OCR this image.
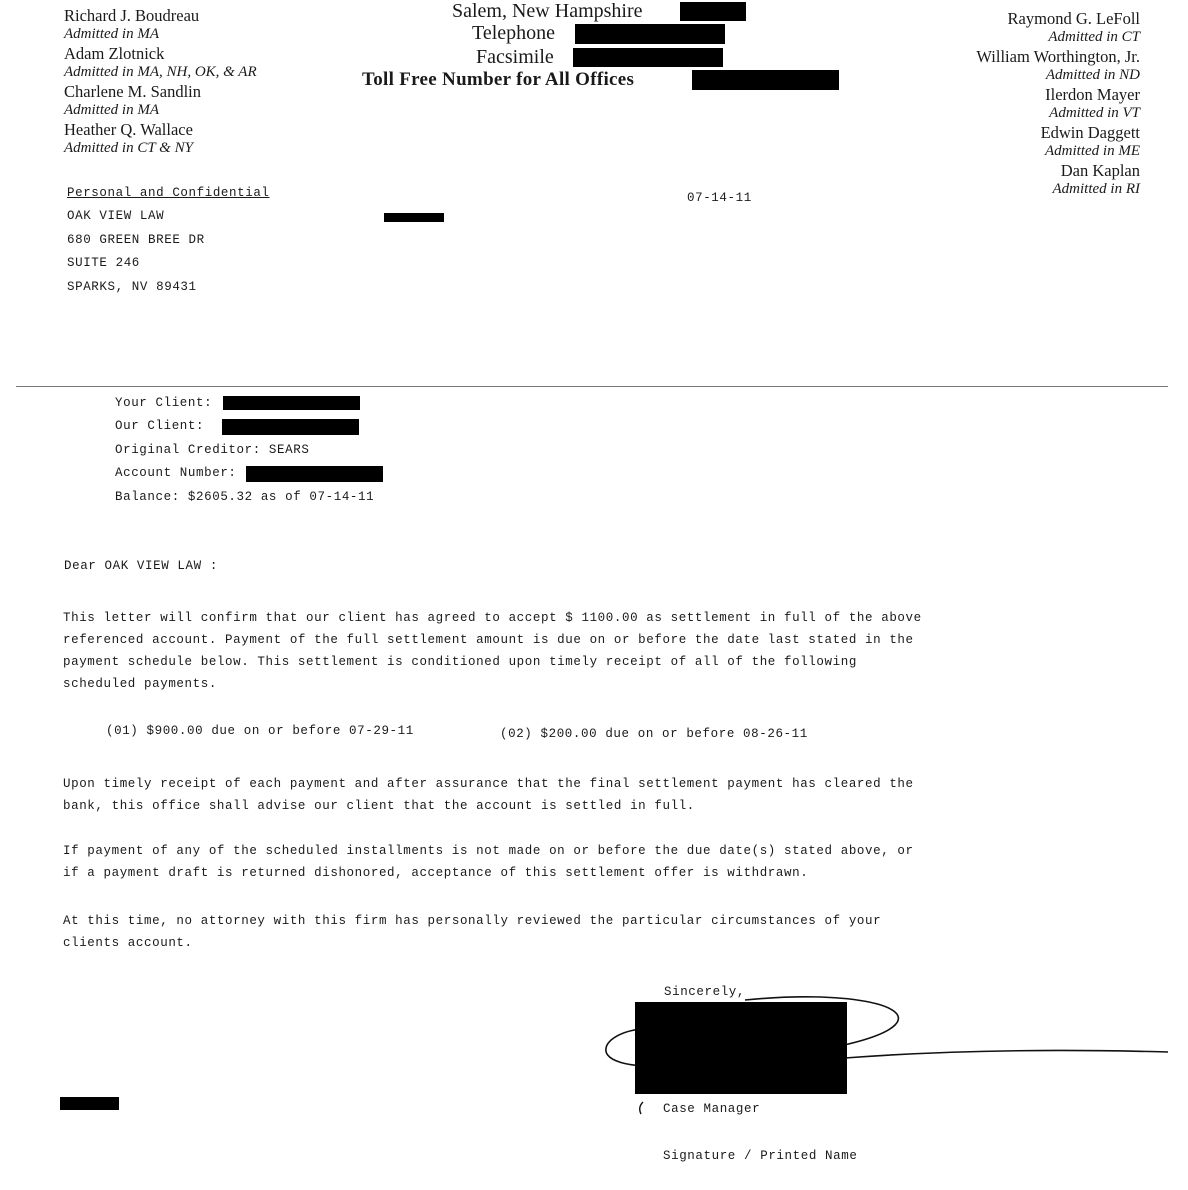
Richard J. Boudreau
Admitted in MA
Adam Zlotnick
Admitted in MA, NH, OK, & AR
Charlene M. Sandlin
Admitted in MA
Heather Q. Wallace
Admitted in CT & NY
Salem, New Hampshire
Telephone
Facsimile
Toll Free Number for All Offices
Raymond G. LeFoll
Admitted in CT
William Worthington, Jr.
Admitted in ND
Ilerdon Mayer
Admitted in VT
Edwin Daggett
Admitted in ME
Dan Kaplan
Admitted in RI
Personal and Confidential
OAK VIEW LAW
680 GREEN BREE DR
SUITE 246
SPARKS, NV 89431
07-14-11
Your Client:
Our Client:
Original Creditor: SEARS
Account Number:
Balance: $2605.32 as of 07-14-11
Dear OAK VIEW LAW :
This letter will confirm that our client has agreed to accept $ 1100.00 as settlement in full of the above
referenced account. Payment of the full settlement amount is due on or before the date last stated in the
payment schedule below. This settlement is conditioned upon timely receipt of all of the following
scheduled payments.
(01) $900.00 due on or before 07-29-11	(02) $200.00 due on or before 08-26-11
Upon timely receipt of each payment and after assurance that the final settlement payment has cleared the
bank, this office shall advise our client that the account is settled in full.
If payment of any of the scheduled installments is not made on or before the due date(s) stated above, or
if a payment draft is returned dishonored, acceptance of this settlement offer is withdrawn.
At this time, no attorney with this firm has personally reviewed the particular circumstances of your
clients account.
Sincerely,
Case Manager
Signature / Printed Name
